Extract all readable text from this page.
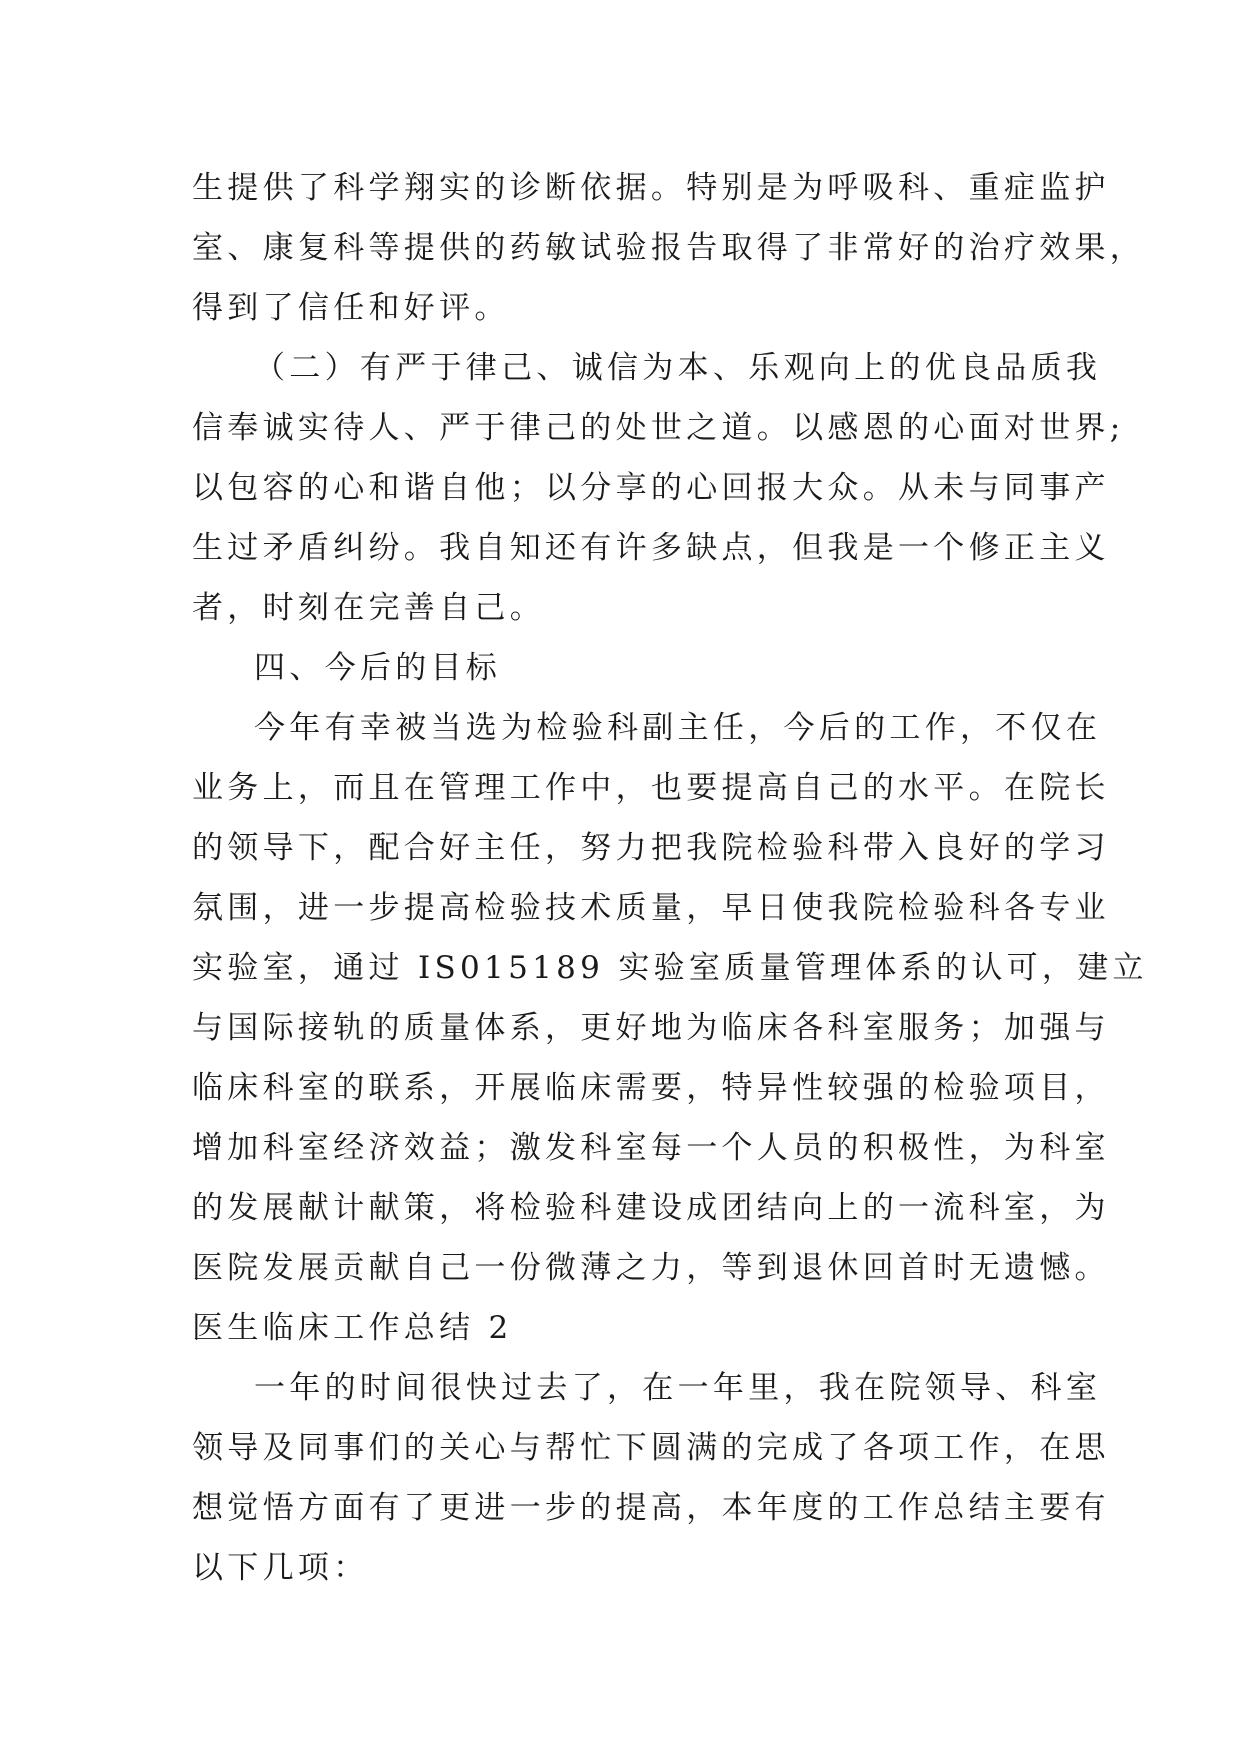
生提供了科学翔实的诊断依据。特别是为呼吸科、重症监护
室、康复科等提供的药敏试验报告取得了非常好的治疗效果，
得到了信任和好评。
（二）有严于律己、诚信为本、乐观向上的优良品质我
信奉诚实待人、严于律己的处世之道。以感恩的心面对世界;
以包容的心和谐自他；以分享的心回报大众。从未与同事产
生过矛盾纠纷。我自知还有许多缺点，但我是一个修正主义
者，时刻在完善自己。
四、今后的目标
今年有幸被当选为检验科副主任，今后的工作，不仅在
业务上，而且在管理工作中，也要提高自己的水平。在院长
的领导下，配合好主任，努力把我院检验科带入良好的学习
氛围，进一步提高检验技术质量，早日使我院检验科各专业
实验室，通过 IS015189 实验室质量管理体系的认可，建立
与国际接轨的质量体系，更好地为临床各科室服务；加强与
临床科室的联系，开展临床需要，特异性较强的检验项目，
增加科室经济效益；激发科室每一个人员的积极性，为科室
的发展献计献策，将检验科建设成团结向上的一流科室，为
医院发展贡献自己一份微薄之力，等到退休回首时无遗憾。
医生临床工作总结 2
一年的时间很快过去了，在一年里，我在院领导、科室
领导及同事们的关心与帮忙下圆满的完成了各项工作，在思
想觉悟方面有了更进一步的提高，本年度的工作总结主要有
以下几项：
